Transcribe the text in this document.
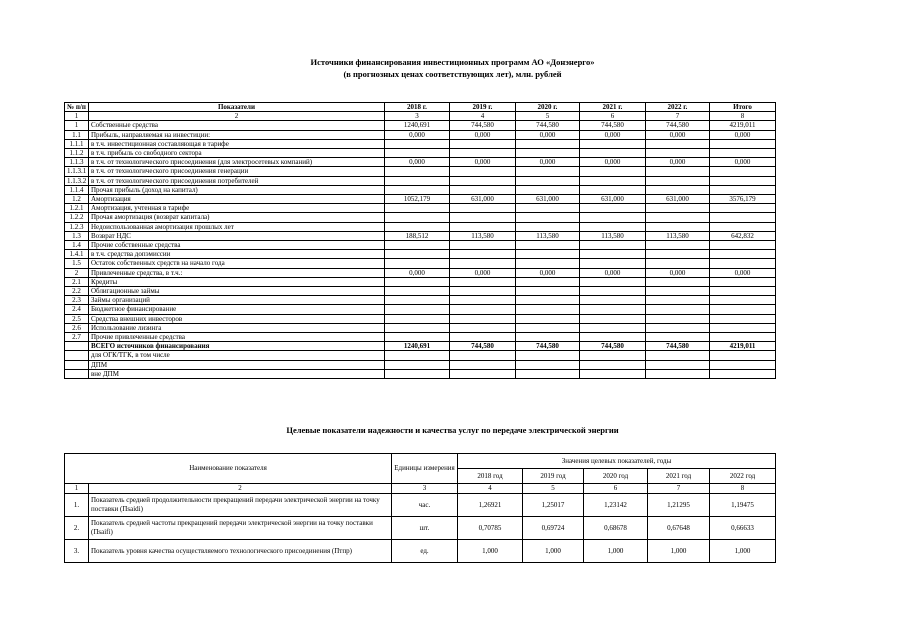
Источники финансирования инвестиционных программ АО «Донэнерго»
(в прогнозных ценах соответствующих лет), млн. рублей
№ п/п	Показатели	2018 г.	2019 г.	2020 г.	2021 г.	2022 г.	Итого
1	2	3	4	5	6	7	8
1	Собственные средства	1240,691	744,580	744,580	744,580	744,580	4219,011
1.1	Прибыль, направляемая на инвестиции:	0,000	0,000	0,000	0,000	0,000	0,000
1.1.1	в т.ч. инвестиционная составляющая в тарифе						
1.1.2	в т.ч. прибыль со свободного сектора						
1.1.3	в т.ч. от технологического присоединения (для электросетевых компаний)	0,000	0,000	0,000	0,000	0,000	0,000
1.1.3.1	в т.ч. от технологического присоединения генерации						
1.1.3.2	в т.ч. от технологического присоединения потребителей						
1.1.4	Прочая прибыль (доход на капитал)						
1.2	Амортизация	1052,179	631,000	631,000	631,000	631,000	3576,179
1.2.1	Амортизация, учтенная в тарифе						
1.2.2	Прочая амортизация (возврат капитала)						
1.2.3	Недоиспользованная амортизация прошлых лет						
1.3	Возврат НДС	188,512	113,580	113,580	113,580	113,580	642,832
1.4	Прочие собственные средства						
1.4.1	в т.ч. средства допэмиссии						
1.5	Остаток собственных средств на начало года						
2	Привлеченные средства, в т.ч.:	0,000	0,000	0,000	0,000	0,000	0,000
2.1	Кредиты						
2.2	Облигационные займы						
2.3	Займы организаций						
2.4	Бюджетное финансирование						
2.5	Средства внешних инвесторов						
2.6	Использование лизинга						
2.7	Прочие привлеченные средства						
	ВСЕГО источников финансирования	1240,691	744,580	744,580	744,580	744,580	4219,011
	для ОГК/ТГК, в том числе						
	ДПМ						
	вне ДПМ						
Целевые показатели надежности и качества услуг по передаче электрической энергии
Наименование показателя		Единицы измерения	Значения целевых показателей, годы				
			2018 год	2019 год	2020 год	2021 год	2022 год
1	2	3	4	5	6	7	8
1.	Показатель средней продолжительности прекращений передачи электрической энергии на точку поставки (Пsaidi)	час.	1,26921	1,25017	1,23142	1,21295	1,19475
2.	Показатель средней частоты прекращений передачи электрической энергии на точку поставки (Пsaifi)	шт.	0,70785	0,69724	0,68678	0,67648	0,66633
3.	Показатель уровня качества осуществляемого технологического присоединения (Птпр)	ед.	1,000	1,000	1,000	1,000	1,000
